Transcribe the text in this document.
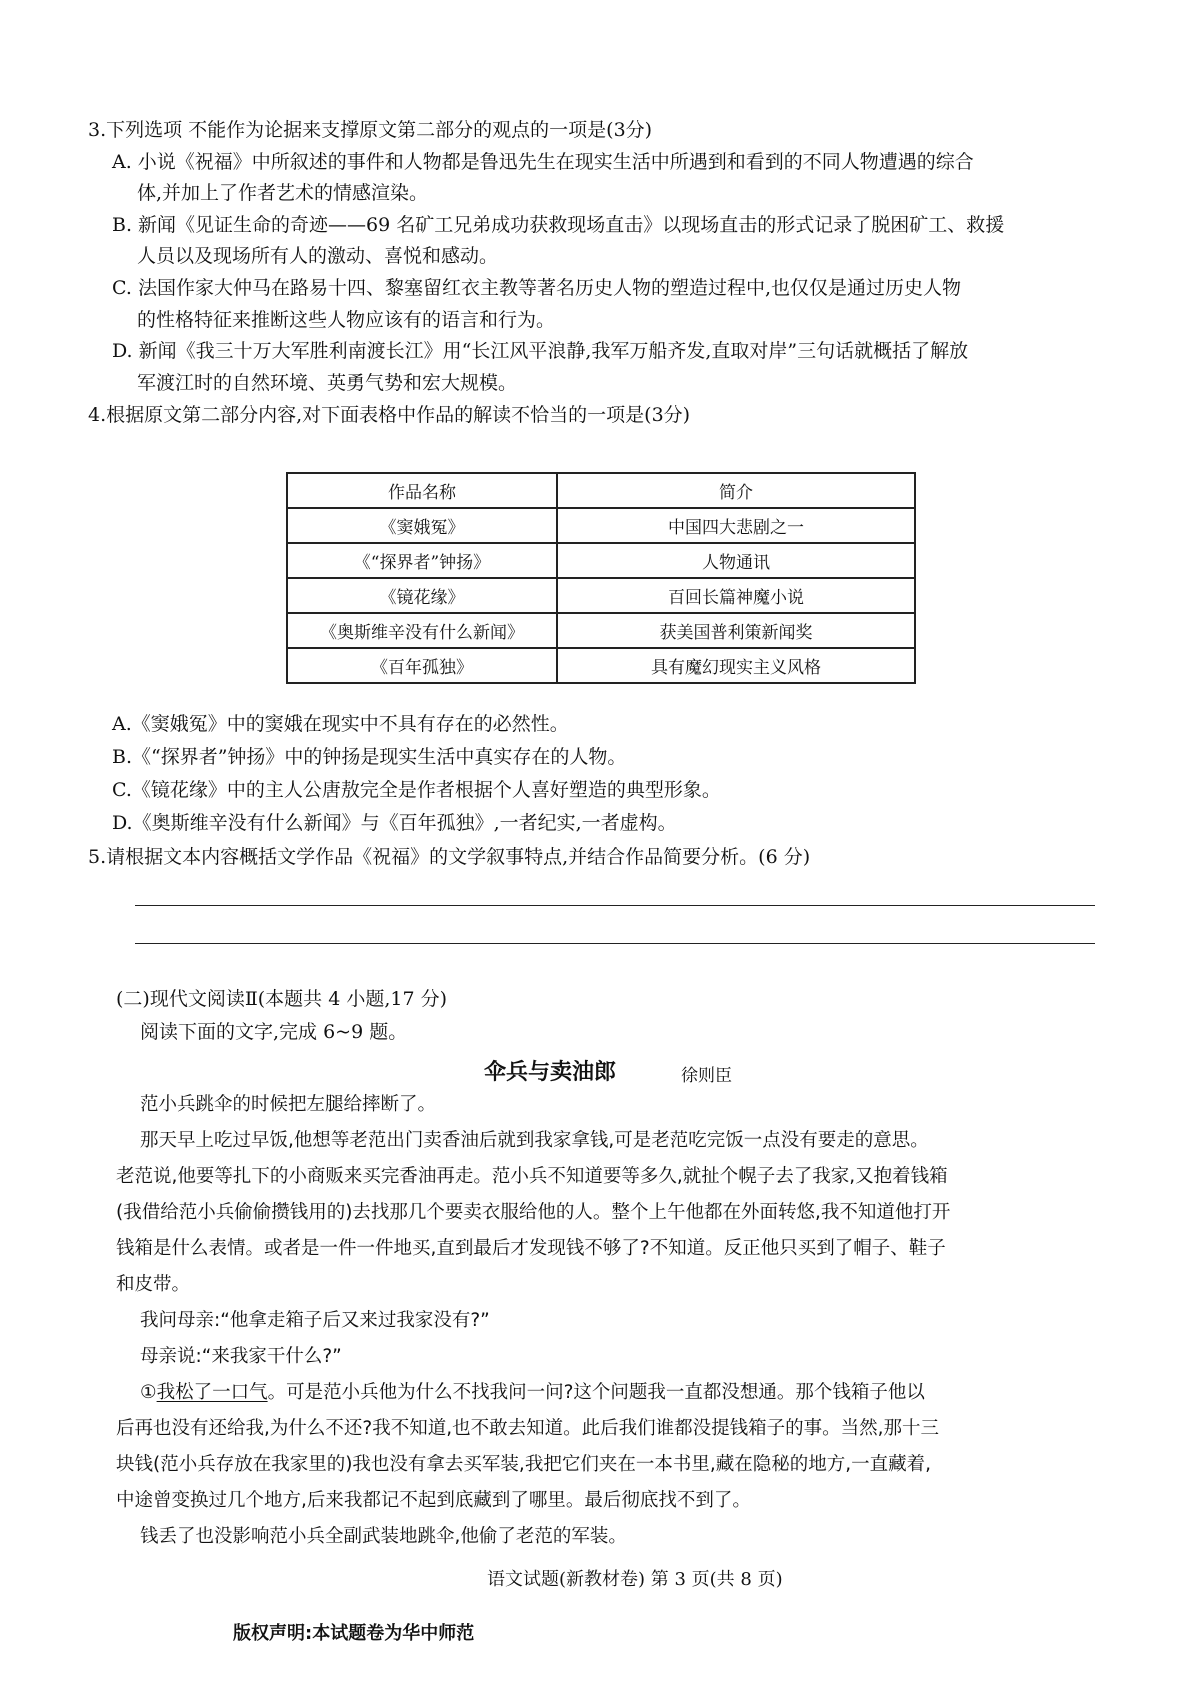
3.下列选项 不能作为论据来支撑原文第二部分的观点的一项是(3分)
A. 小说《祝福》中所叙述的事件和人物都是鲁迅先生在现实生活中所遇到和看到的不同人物遭遇的综合
体,并加上了作者艺术的情感渲染。
B. 新闻《见证生命的奇迹——69 名矿工兄弟成功获救现场直击》以现场直击的形式记录了脱困矿工、救援
人员以及现场所有人的激动、喜悦和感动。
C. 法国作家大仲马在路易十四、黎塞留红衣主教等著名历史人物的塑造过程中,也仅仅是通过历史人物
的性格特征来推断这些人物应该有的语言和行为。
D. 新闻《我三十万大军胜利南渡长江》用“长江风平浪静,我军万船齐发,直取对岸”三句话就概括了解放
军渡江时的自然环境、英勇气势和宏大规模。
4.根据原文第二部分内容,对下面表格中作品的解读不恰当的一项是(3分)
作品名称	简介
《窦娥冤》	中国四大悲剧之一
《“探界者”钟扬》	人物通讯
《镜花缘》	百回长篇神魔小说
《奥斯维辛没有什么新闻》	获美国普利策新闻奖
《百年孤独》	具有魔幻现实主义风格
A.《窦娥冤》中的窦娥在现实中不具有存在的必然性。
B.《“探界者”钟扬》中的钟扬是现实生活中真实存在的人物。
C.《镜花缘》中的主人公唐敖完全是作者根据个人喜好塑造的典型形象。
D.《奥斯维辛没有什么新闻》与《百年孤独》,一者纪实,一者虚构。
5.请根据文本内容概括文学作品《祝福》的文学叙事特点,并结合作品简要分析。(6 分)
(二)现代文阅读Ⅱ(本题共 4 小题,17 分)
阅读下面的文字,完成 6~9 题。
伞兵与卖油郎	徐则臣
范小兵跳伞的时候把左腿给摔断了。
那天早上吃过早饭,他想等老范出门卖香油后就到我家拿钱,可是老范吃完饭一点没有要走的意思。
老范说,他要等扎下的小商贩来买完香油再走。范小兵不知道要等多久,就扯个幌子去了我家,又抱着钱箱
(我借给范小兵偷偷攒钱用的)去找那几个要卖衣服给他的人。整个上午他都在外面转悠,我不知道他打开
钱箱是什么表情。或者是一件一件地买,直到最后才发现钱不够了?不知道。反正他只买到了帽子、鞋子
和皮带。
我问母亲:“他拿走箱子后又来过我家没有?”
母亲说:“来我家干什么?”
①我松了一口气。可是范小兵他为什么不找我问一问?这个问题我一直都没想通。那个钱箱子他以
后再也没有还给我,为什么不还?我不知道,也不敢去知道。此后我们谁都没提钱箱子的事。当然,那十三
块钱(范小兵存放在我家里的)我也没有拿去买军装,我把它们夹在一本书里,藏在隐秘的地方,一直藏着,
中途曾变换过几个地方,后来我都记不起到底藏到了哪里。最后彻底找不到了。
钱丢了也没影响范小兵全副武装地跳伞,他偷了老范的军装。
语文试题(新教材卷) 第 3 页(共 8 页)
版权声明:本试题卷为华中师范
